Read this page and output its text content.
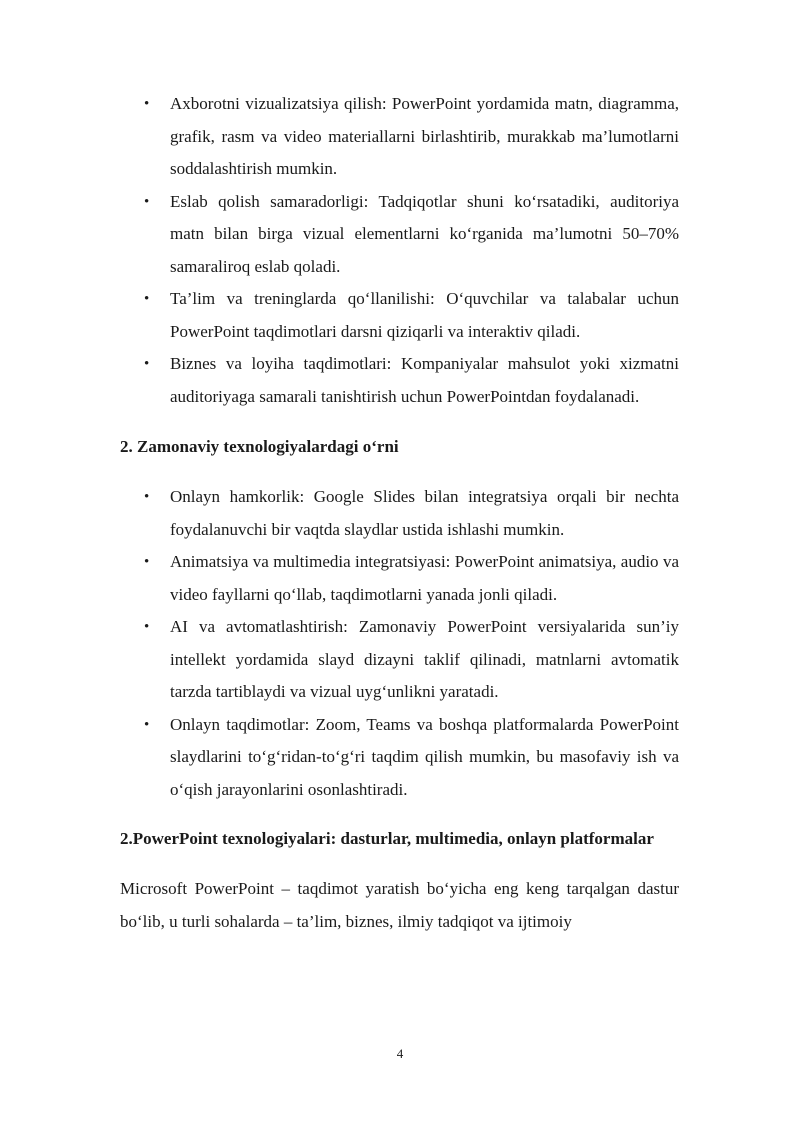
• Axborotni vizualizatsiya qilish: PowerPoint yordamida matn, diagramma, grafik, rasm va video materiallarni birlashtirib, murakkab ma’lumotlarni soddalashtirish mumkin.
• Eslab qolish samaradorligi: Tadqiqotlar shuni ko‘rsatadiki, auditoriya matn bilan birga vizual elementlarni ko‘rganida ma’lumotni 50–70% samaraliroq eslab qoladi.
• Ta’lim va treninglarda qo‘llanilishi: O‘quvchilar va talabalar uchun PowerPoint taqdimotlari darsni qiziqarli va interaktiv qiladi.
• Biznes va loyiha taqdimotlari: Kompaniyalar mahsulot yoki xizmatni auditoriyaga samarali tanishtirish uchun PowerPointdan foydalanadi.

2. Zamonaviy texnologiyalardagi o‘rni

• Onlayn hamkorlik: Google Slides bilan integratsiya orqali bir nechta foydalanuvchi bir vaqtda slaydlar ustida ishlashi mumkin.
• Animatsiya va multimedia integratsiyasi: PowerPoint animatsiya, audio va video fayllarni qo‘llab, taqdimotlarni yanada jonli qiladi.
• AI va avtomatlashtirish: Zamonaviy PowerPoint versiyalarida sun’iy intellekt yordamida slayd dizayni taklif qilinadi, matnlarni avtomatik tarzda tartiblaydi va vizual uyg‘unlikni yaratadi.
• Onlayn taqdimotlar: Zoom, Teams va boshqa platformalarda PowerPoint slaydlarini to‘g‘ridan-to‘g‘ri taqdim qilish mumkin, bu masofaviy ish va o‘qish jarayonlarini osonlashtiradi.

2.PowerPoint texnologiyalari: dasturlar, multimedia, onlayn platformalar

Microsoft PowerPoint – taqdimot yaratish bo‘yicha eng keng tarqalgan dastur bo‘lib, u turli sohalarda – ta’lim, biznes, ilmiy tadqiqot va ijtimoiy

4
